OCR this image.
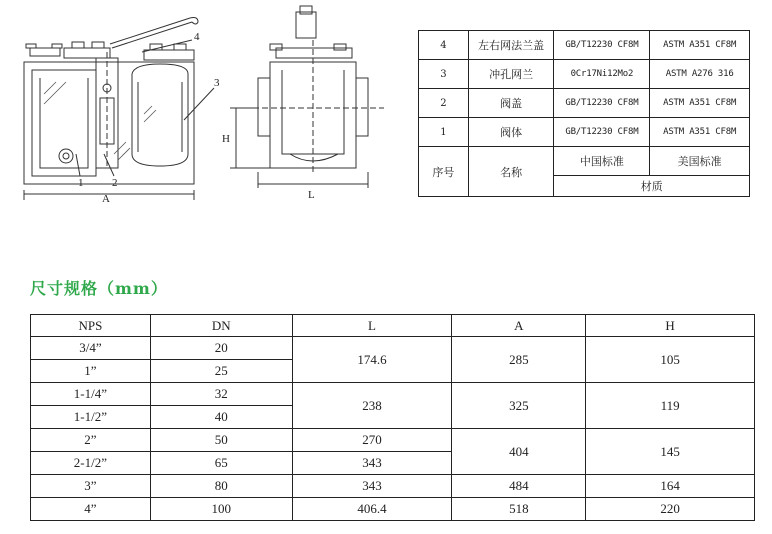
4
3
1	2
A
H
L
4	左右网法兰盖	GB/T12230 CF8M	ASTM A351 CF8M
3	冲孔网兰	0Cr17Ni12Mo2	ASTM A276 316
2	阀盖	GB/T12230 CF8M	ASTM A351 CF8M
1	阀体	GB/T12230 CF8M	ASTM A351 CF8M
序号	名称	中国标准	美国标准
		材质	
尺寸规格（mm）
NPS	DN	L	A	H
3/4”	20	174.6	285	105
1”	25			
1-1/4”	32	238	325	119
1-1/2”	40			
2”	50	270	404	145
2-1/2”	65	343		
3”	80	343	484	164
4”	100	406.4	518	220
